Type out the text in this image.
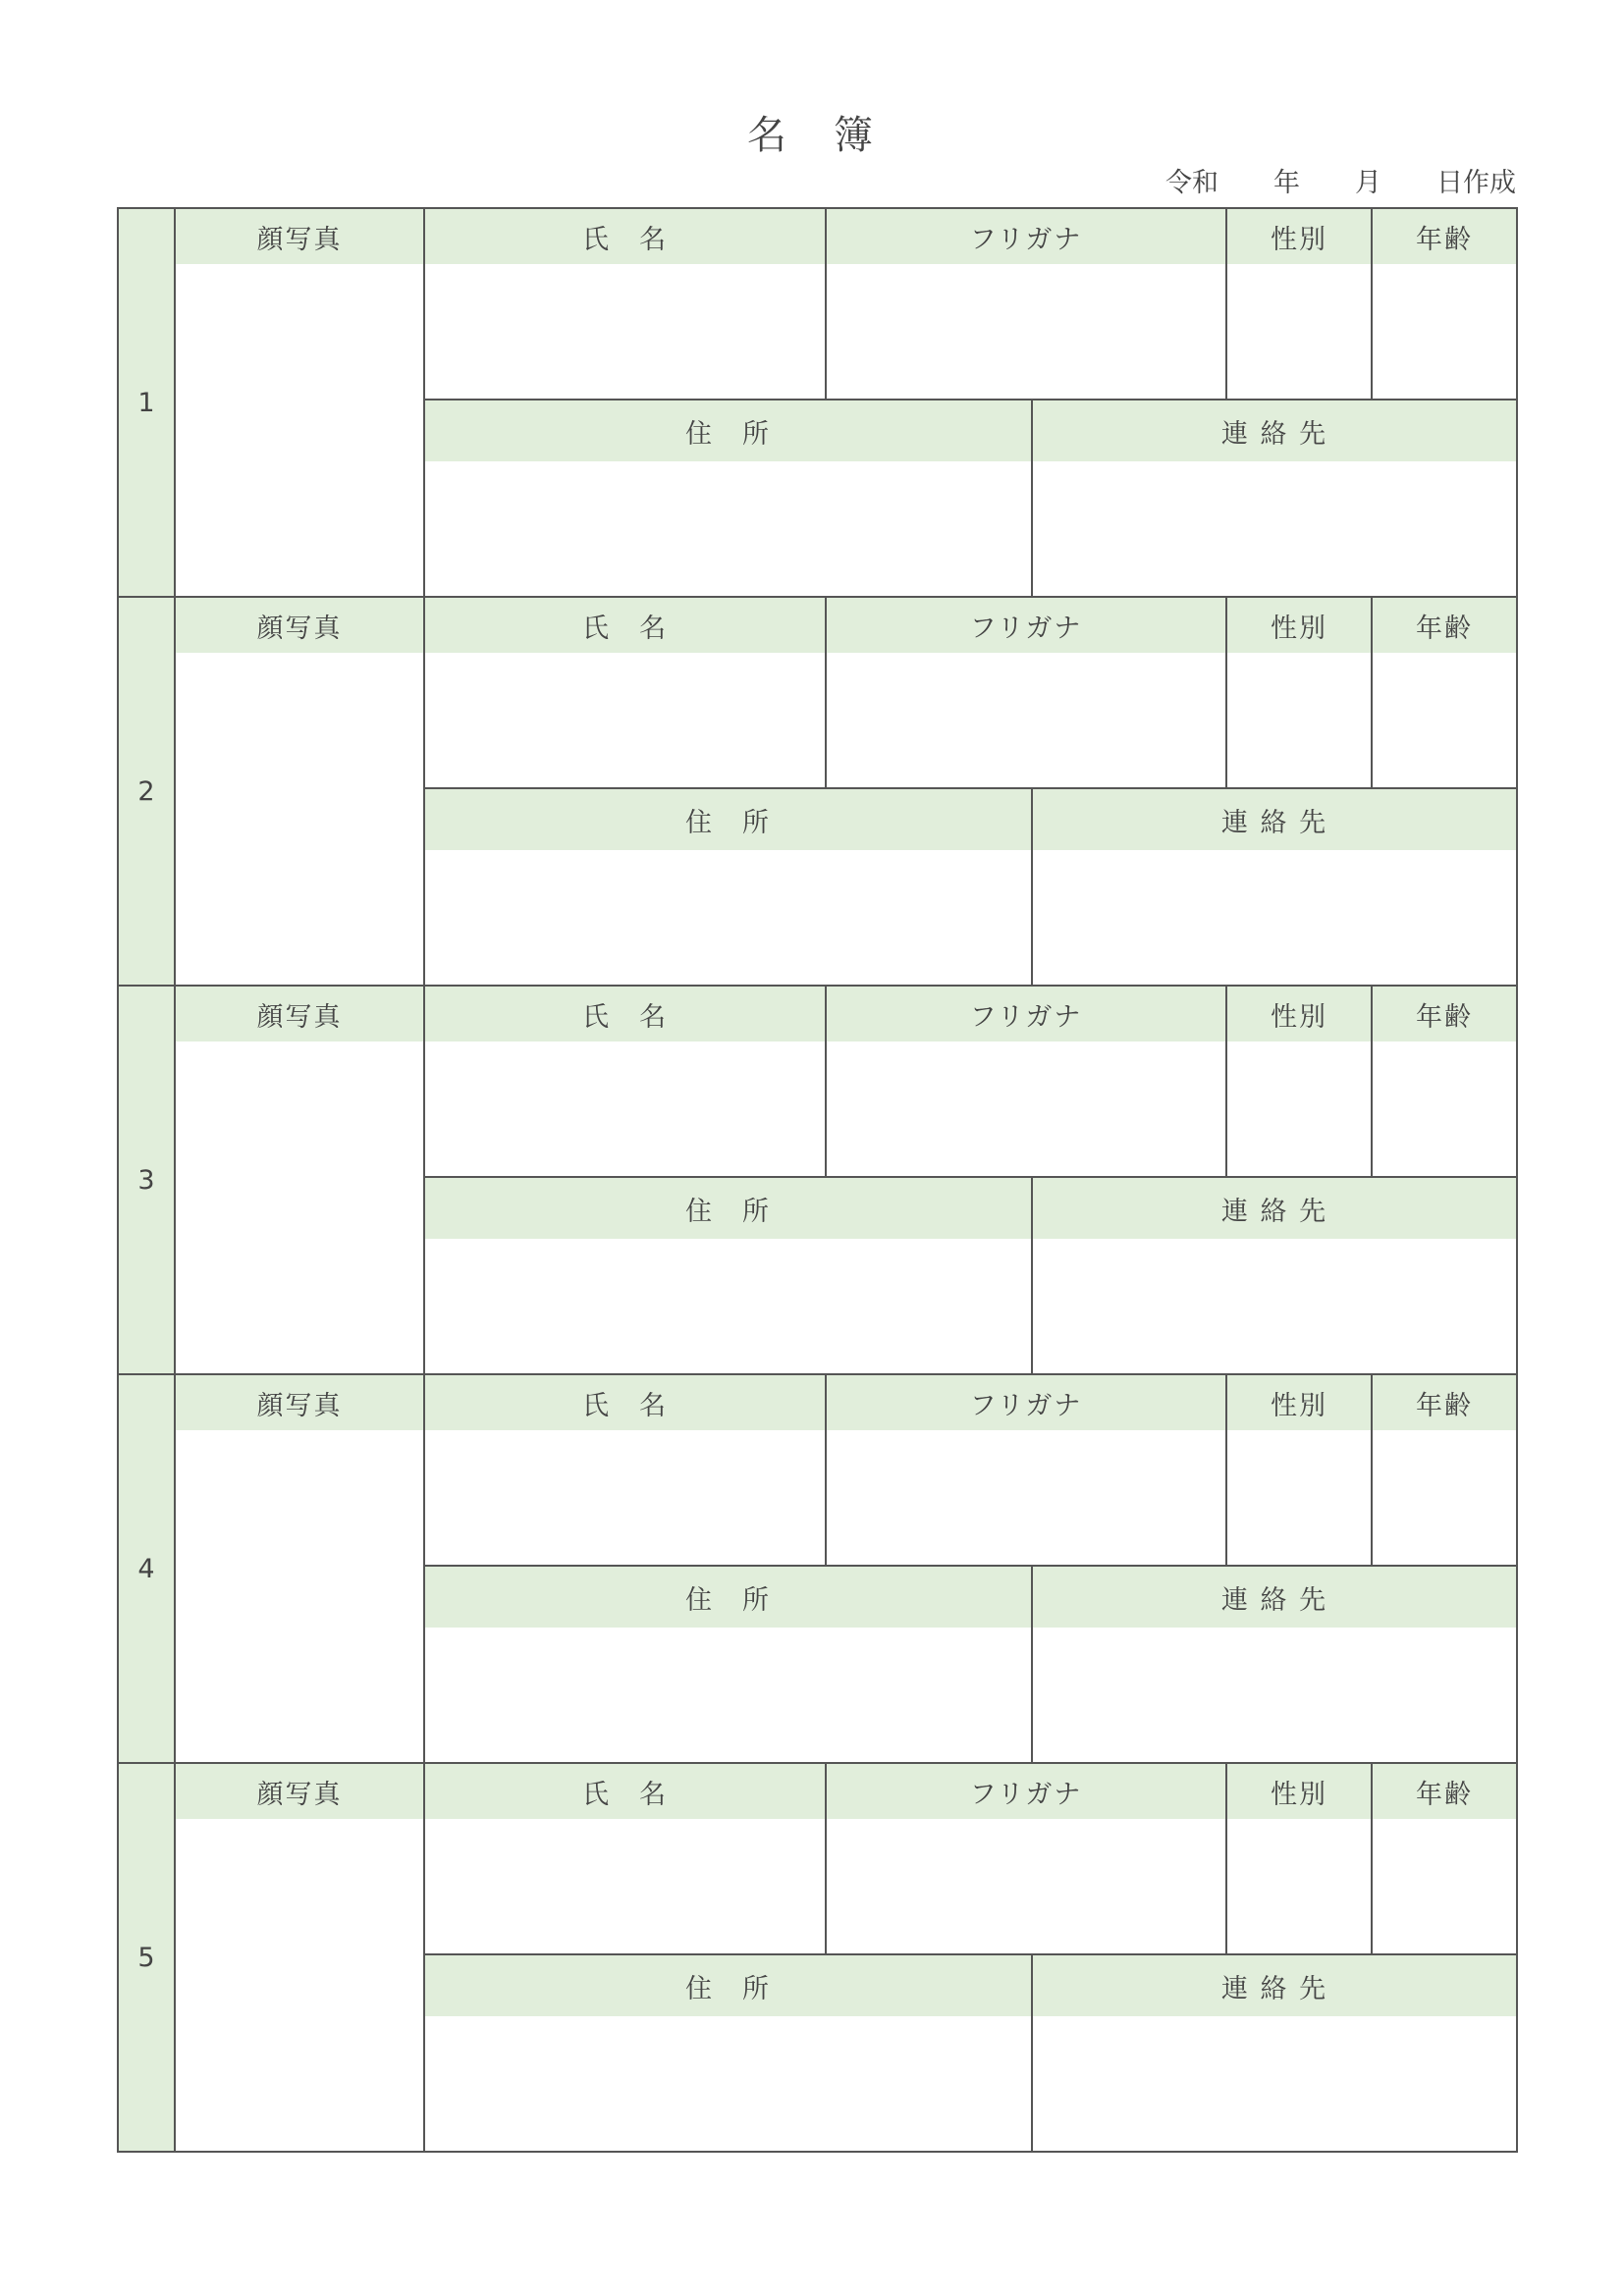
名　簿
令和 年 月 日作成
1
顔写真	氏　名	フリガナ	性別	年齢
住　所	連 絡 先
2
顔写真	氏　名	フリガナ	性別	年齢
住　所	連 絡 先
3
顔写真	氏　名	フリガナ	性別	年齢
住　所	連 絡 先
4
顔写真	氏　名	フリガナ	性別	年齢
住　所	連 絡 先
5
顔写真	氏　名	フリガナ	性別	年齢
住　所	連 絡 先
